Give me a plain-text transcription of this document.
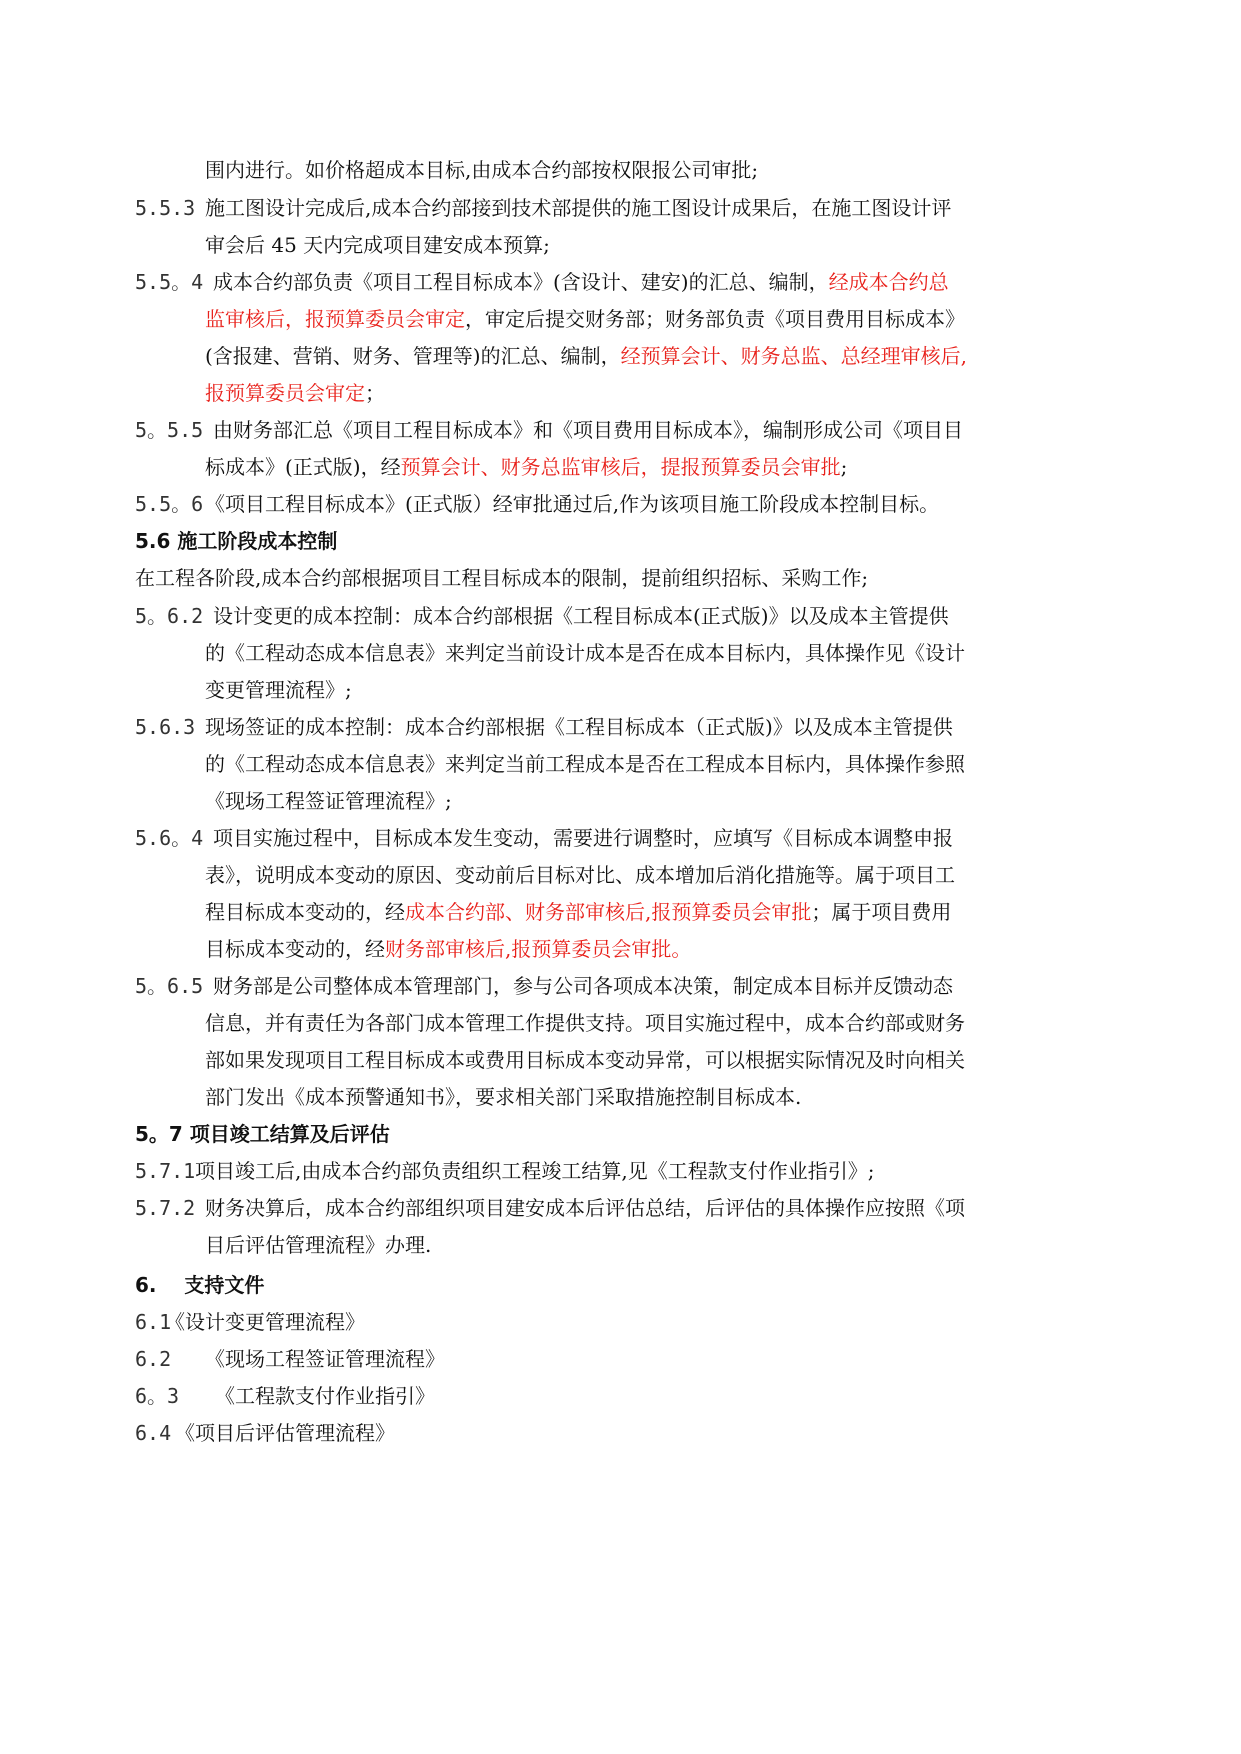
围内进行。如价格超成本目标,由成本合约部按权限报公司审批;
5.5.3 施工图设计完成后,成本合约部接到技术部提供的施工图设计成果后，在施工图设计评
审会后 45 天内完成项目建安成本预算;
5.5。4 成本合约部负责《项目工程目标成本》(含设计、建安)的汇总、编制，经成本合约总
监审核后，报预算委员会审定，审定后提交财务部；财务部负责《项目费用目标成本》
(含报建、营销、财务、管理等)的汇总、编制，经预算会计、财务总监、总经理审核后,
报预算委员会审定；
5。5.5 由财务部汇总《项目工程目标成本》和《项目费用目标成本》，编制形成公司《项目目
标成本》(正式版)，经预算会计、财务总监审核后，提报预算委员会审批;
5.5。6 《项目工程目标成本》(正式版）经审批通过后,作为该项目施工阶段成本控制目标。
5.6 施工阶段成本控制
在工程各阶段,成本合约部根据项目工程目标成本的限制，提前组织招标、采购工作;
5。6.2 设计变更的成本控制：成本合约部根据《工程目标成本(正式版)》以及成本主管提供
的《工程动态成本信息表》来判定当前设计成本是否在成本目标内，具体操作见《设计
变更管理流程》;
5.6.3 现场签证的成本控制：成本合约部根据《工程目标成本（正式版)》以及成本主管提供
的《工程动态成本信息表》来判定当前工程成本是否在工程成本目标内，具体操作参照
《现场工程签证管理流程》;
5.6。4 项目实施过程中，目标成本发生变动，需要进行调整时，应填写《目标成本调整申报
表》，说明成本变动的原因、变动前后目标对比、成本增加后消化措施等。属于项目工
程目标成本变动的，经成本合约部、财务部审核后,报预算委员会审批；属于项目费用
目标成本变动的，经财务部审核后,报预算委员会审批。
5。6.5 财务部是公司整体成本管理部门，参与公司各项成本决策，制定成本目标并反馈动态
信息，并有责任为各部门成本管理工作提供支持。项目实施过程中，成本合约部或财务
部如果发现项目工程目标成本或费用目标成本变动异常，可以根据实际情况及时向相关
部门发出《成本预警通知书》，要求相关部门采取措施控制目标成本.
5。7 项目竣工结算及后评估
5.7.1 项目竣工后,由成本合约部负责组织工程竣工结算,见《工程款支付作业指引》;
5.7.2 财务决算后，成本合约部组织项目建安成本后评估总结，后评估的具体操作应按照《项
目后评估管理流程》办理.
6.    支持文件
6.1
《设计变更管理流程》
6.2 《现场工程签证管理流程》
6。3 《工程款支付作业指引》
6.4 《项目后评估管理流程》
